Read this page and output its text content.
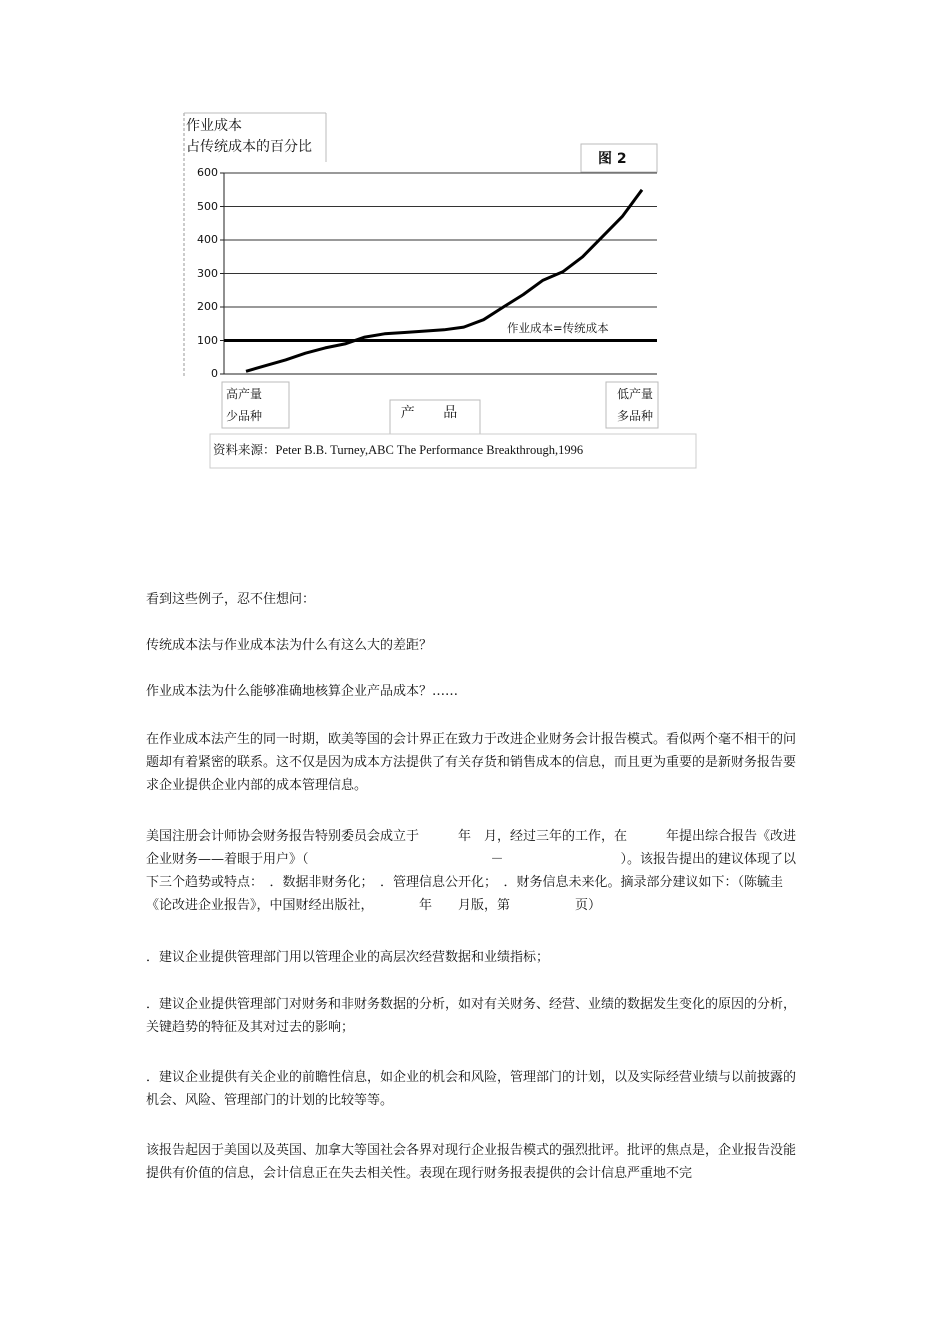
作业成本
占传统成本的百分比
图 2
600
500
400
300
200
100
0
作业成本=传统成本
高产量
少品种
低产量
多品种
产 品
资料来源：Peter B.B. Turney,ABC The Performance Breakthrough,1996

看到这些例子，忍不住想问：

传统成本法与作业成本法为什么有这么大的差距？

作业成本法为什么能够准确地核算企业产品成本？……

在作业成本法产生的同一时期，欧美等国的会计界正在致力于改进企业财务会计报告模式。看似两个毫不相干的问题却有着紧密的联系。这不仅是因为成本方法提供了有关存货和销售成本的信息，而且更为重要的是新财务报告要求企业提供企业内部的成本管理信息。

美国注册会计师协会财务报告特别委员会成立于　　　年　月，经过三年的工作，在　　　年提出综合报告《改进企业财务——着眼于用户》（　　　　　　　　　　　　　　－　　　　　　　　　）。该报告提出的建议体现了以下三个趋势或特点：　．数据非财务化；　．管理信息公开化；　．财务信息未来化。摘录部分建议如下：（陈毓圭《论改进企业报告》，中国财经出版社，　　　　年　　月版，第　　　　　页）

．建议企业提供管理部门用以管理企业的高层次经营数据和业绩指标；

．建议企业提供管理部门对财务和非财务数据的分析，如对有关财务、经营、业绩的数据发生变化的原因的分析，关键趋势的特征及其对过去的影响；

．建议企业提供有关企业的前瞻性信息，如企业的机会和风险，管理部门的计划，以及实际经营业绩与以前披露的机会、风险、管理部门的计划的比较等等。

该报告起因于美国以及英国、加拿大等国社会各界对现行企业报告模式的强烈批评。批评的焦点是，企业报告没能提供有价值的信息，会计信息正在失去相关性。表现在现行财务报表提供的会计信息严重地不完
